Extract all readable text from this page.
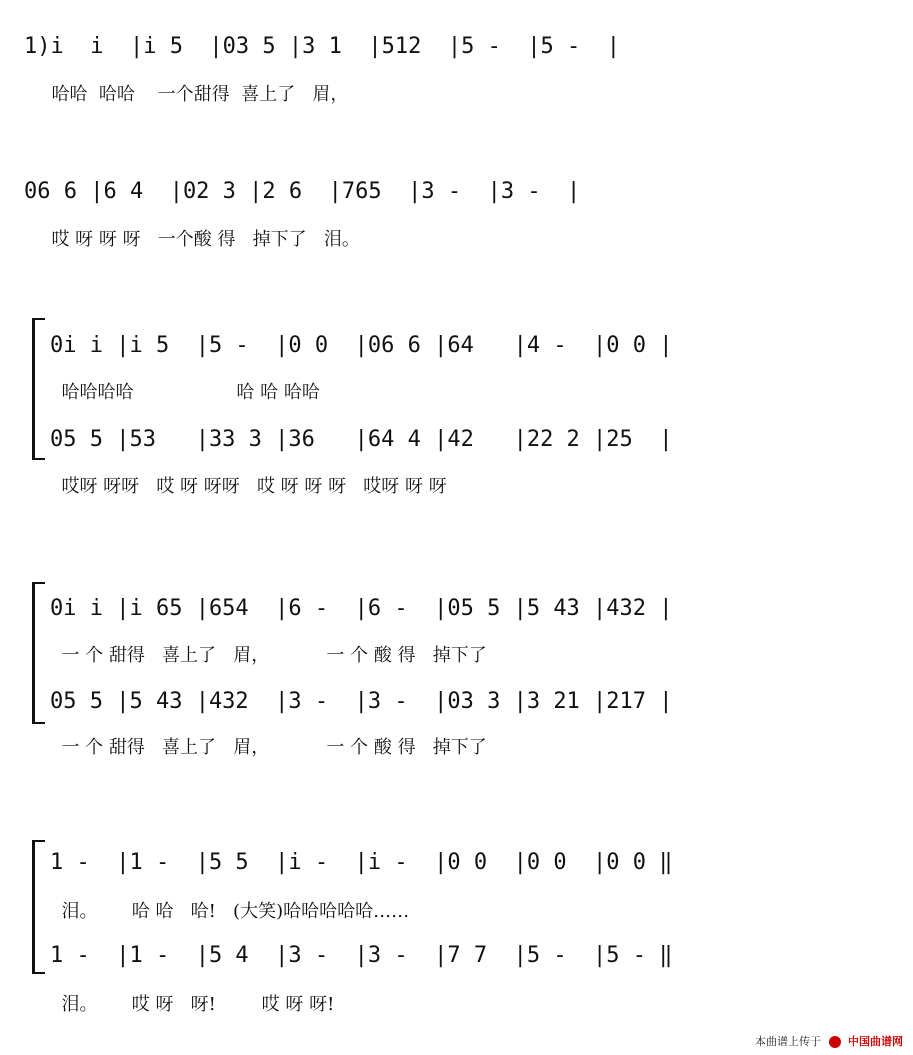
1)i  i  |i 5  |03 5 |3 1  |512  |5 -  |5 -  |
哈哈  哈哈    一个甜得  喜上了   眉，
06 6 |6 4  |02 3 |2 6  |765  |3 -  |3 -  |
哎 呀 呀 呀   一个酸 得   掉下了   泪。
0i i |i 5  |5 -  |0 0  |06 6 |64   |4 -  |0 0 |
哈哈哈哈                  哈 哈 哈哈
05 5 |53   |33 3 |36   |64 4 |42   |22 2 |25  |
哎呀 呀呀   哎 呀 呀呀   哎 呀 呀 呀   哎呀 呀 呀
0i i |i 65 |654  |6 -  |6 -  |05 5 |5 43 |432 |
一 个 甜得   喜上了   眉，          一 个 酸 得   掉下了
05 5 |5 43 |432  |3 -  |3 -  |03 3 |3 21 |217 |
一 个 甜得   喜上了   眉，          一 个 酸 得   掉下了
1 -  |1 -  |5 5  |i -  |i -  |0 0  |0 0  |0 0 ‖
泪。      哈 哈   哈!   (大笑)哈哈哈哈哈……
1 -  |1 -  |5 4  |3 -  |3 -  |7 7  |5 -  |5 - ‖
泪。      哎 呀   呀!        哎 呀 呀!
本曲谱上传于 中国曲谱网
